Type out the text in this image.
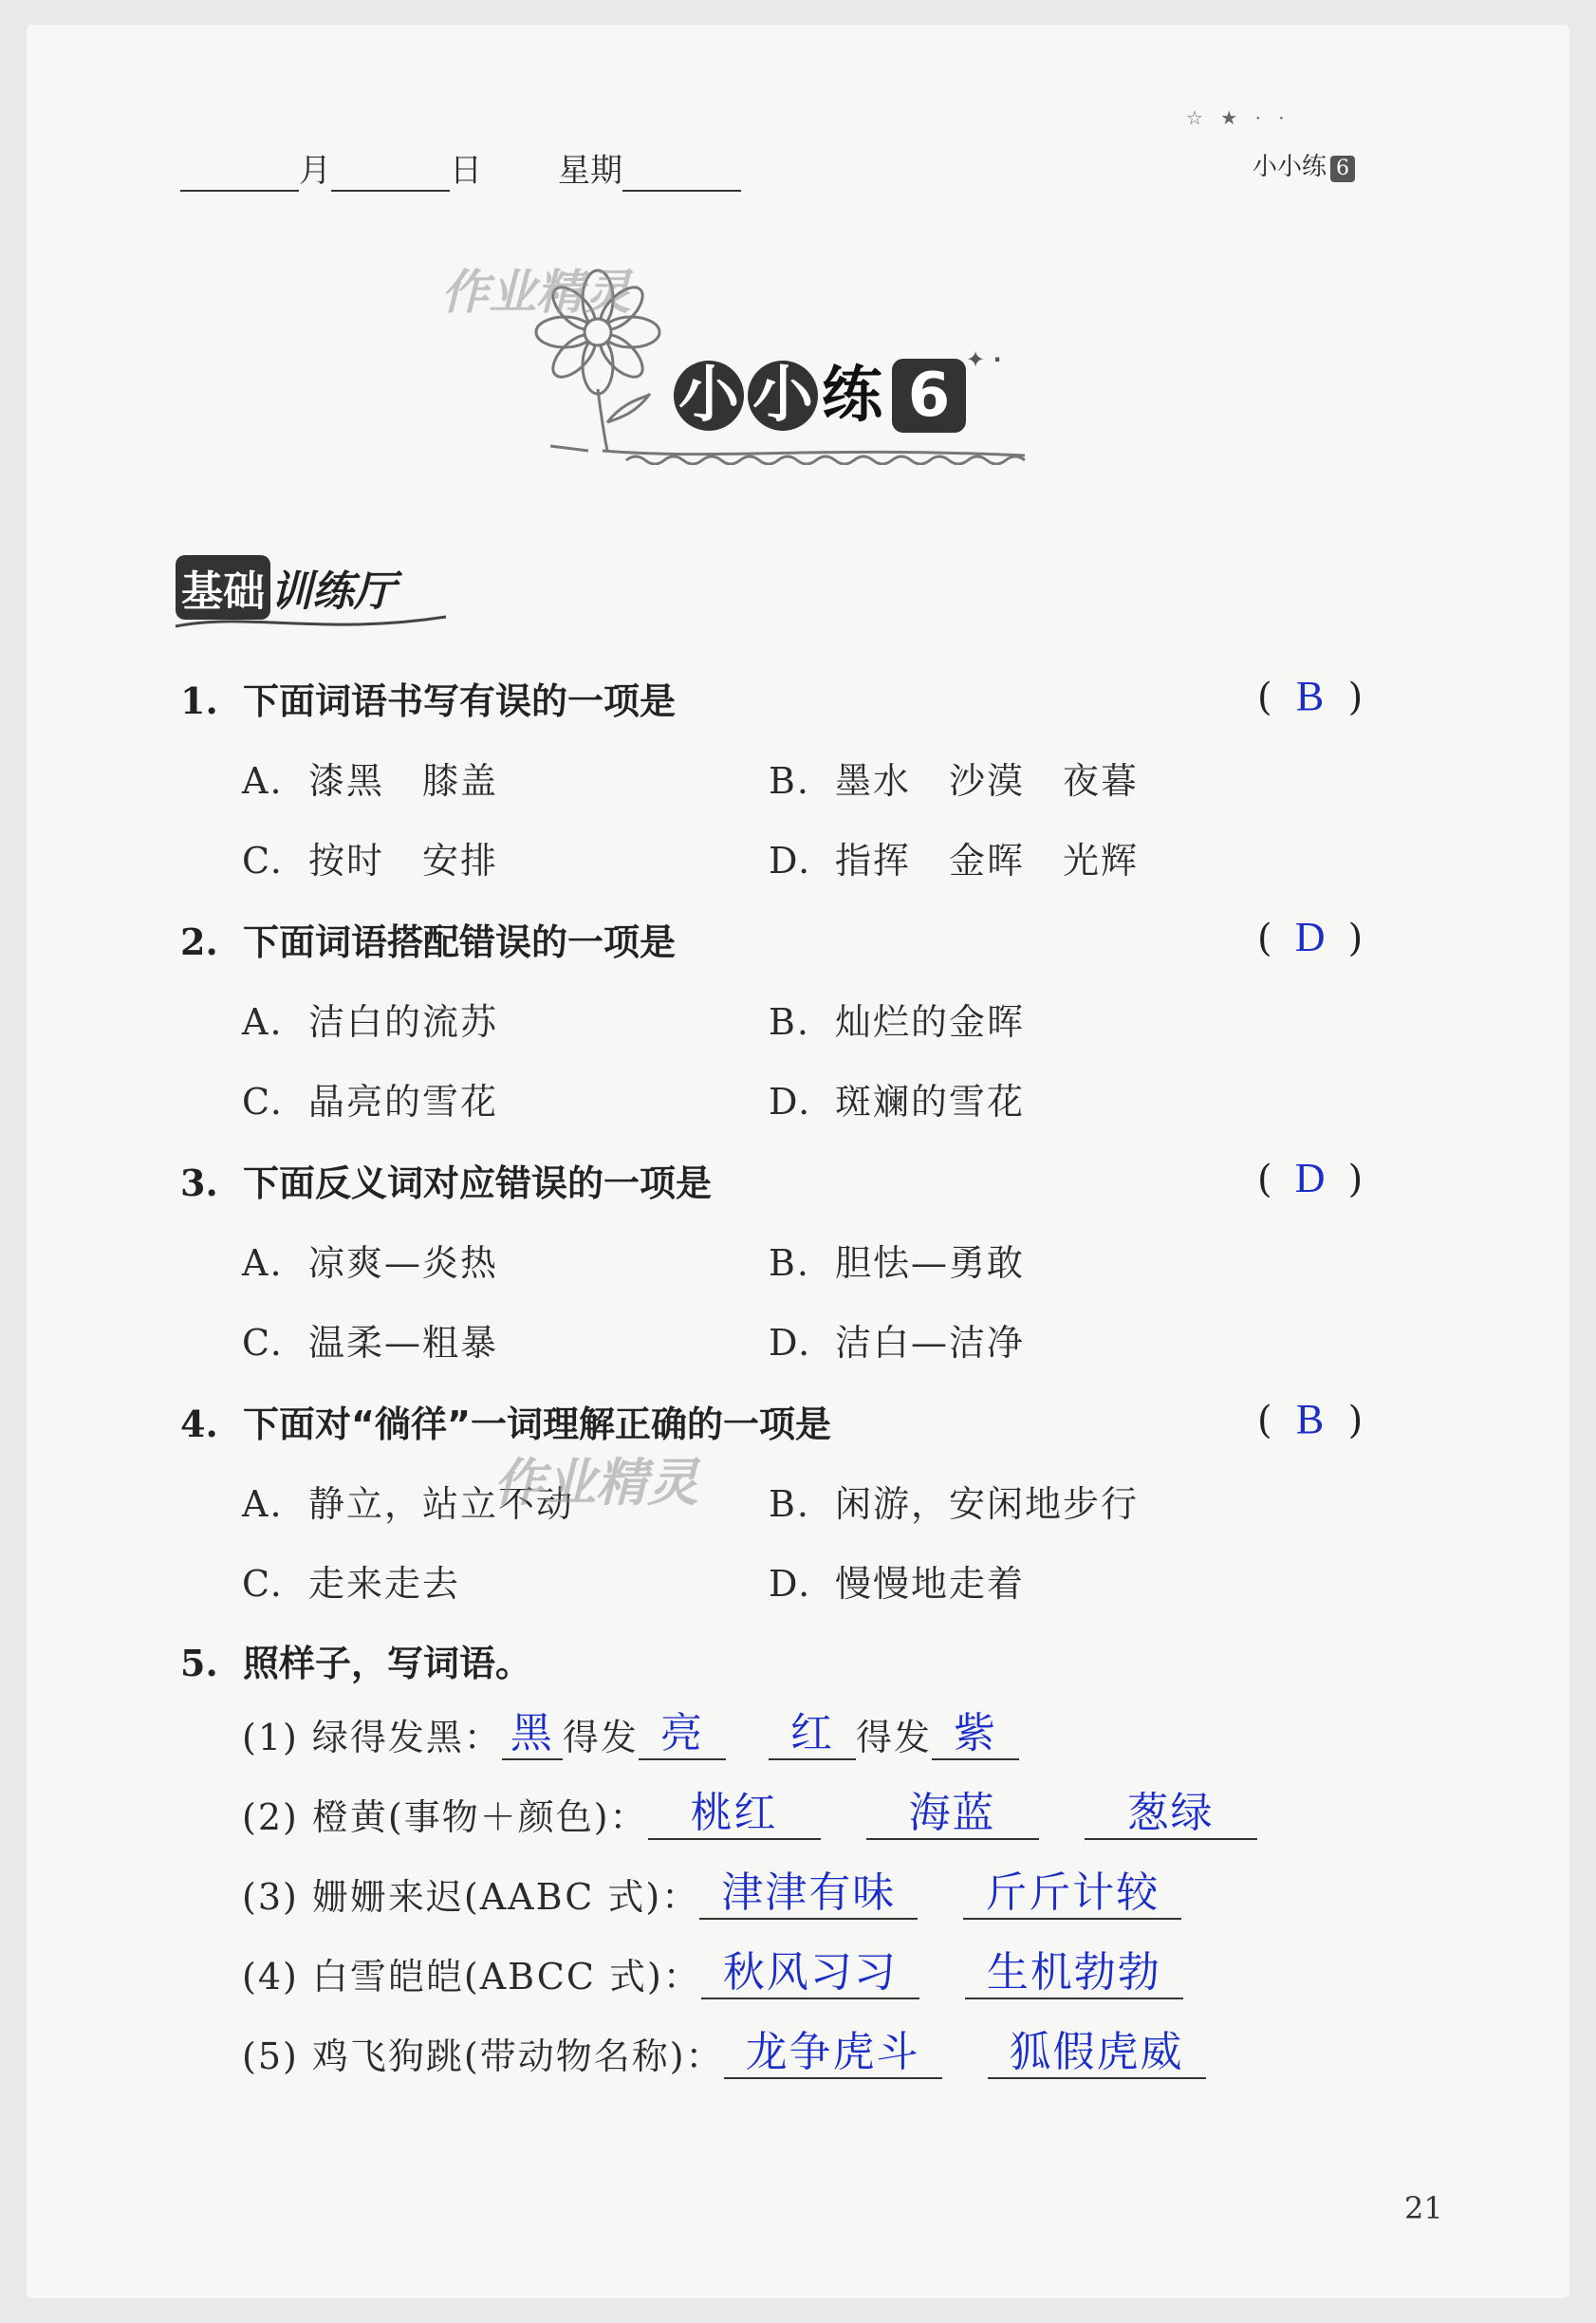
月	日 星期
☆ ★ · ·
小小练 6
作业精灵
小 小 练 6✦ ·
基础 训练厅
1. 下面词语书写有误的一项是	( B )
A. 漆黑　膝盖	B. 墨水　沙漠　夜暮
C. 按时　安排	D. 指挥　金晖　光辉
2. 下面词语搭配错误的一项是	( D )
A. 洁白的流苏	B. 灿烂的金晖
C. 晶亮的雪花	D. 斑斓的雪花
3. 下面反义词对应错误的一项是	( D )
A. 凉爽—炎热	B. 胆怯—勇敢
C. 温柔—粗暴	D. 洁白—洁净
4. 下面对“徜徉”一词理解正确的一项是	( B )
A. 静立，站立不动	B. 闲游，安闲地步行
C. 走来走去	D. 慢慢地走着
作业精灵
5. 照样子，写词语。
(1) 绿得发黑： 黑 得发 亮 红 得发 紫
(2) 橙黄(事物＋颜色)： 桃红	海蓝	葱绿
(3) 姗姗来迟(AABC 式)： 津津有味 斤斤计较
(4) 白雪皑皑(ABCC 式)： 秋风习习 生机勃勃
(5) 鸡飞狗跳(带动物名称)： 龙争虎斗 狐假虎威
21
